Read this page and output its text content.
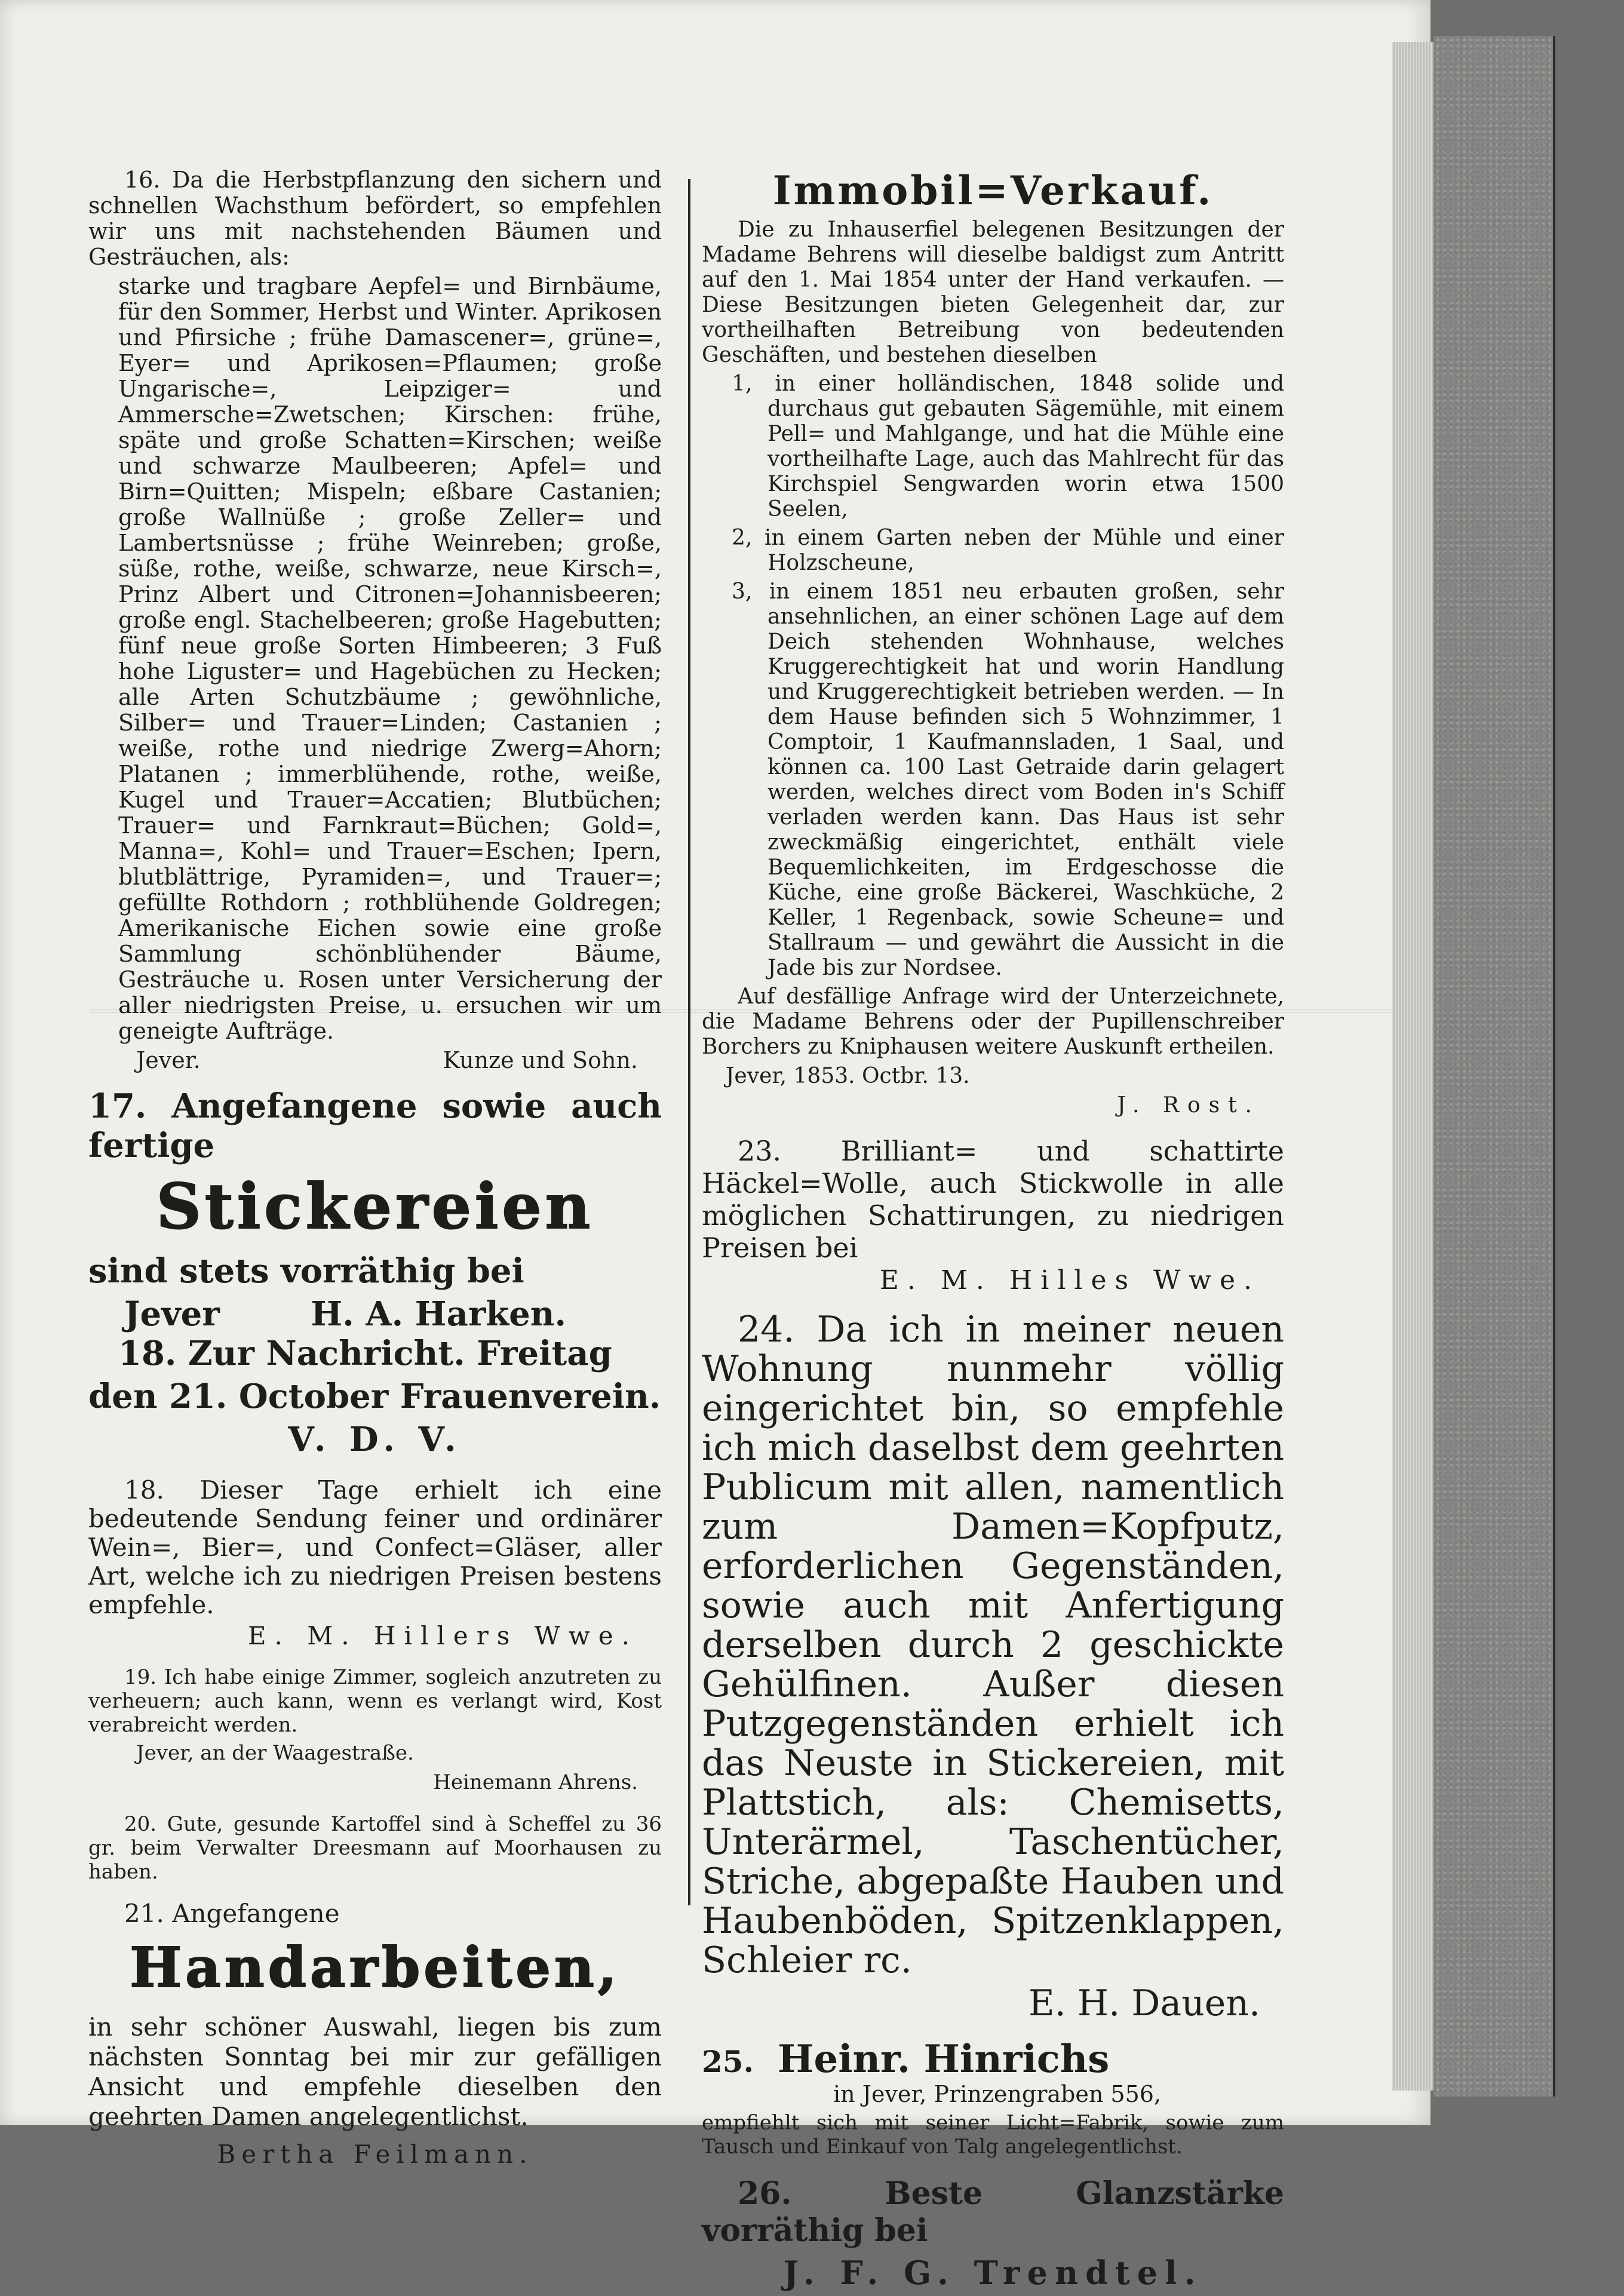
16. Da die Herbstpflanzung den sichern und schnellen Wachsthum befördert, so empfehlen wir uns mit nachstehenden Bäumen und Gesträuchen, als:

starke und tragbare Aepfel= und Birnbäume, für den Sommer, Herbst und Winter. Aprikosen und Pfirsiche ; frühe Damascener=, grüne=, Eyer= und Aprikosen=Pflaumen; große Ungarische=, Leipziger= und Ammersche=Zwetschen; Kirschen: frühe, späte und große Schatten=Kirschen; weiße und schwarze Maulbeeren; Apfel= und Birn=Quitten; Mispeln; eßbare Castanien; große Wallnüße ; große Zeller= und Lambertsnüsse ; frühe Weinreben; große, süße, rothe, weiße, schwarze, neue Kirsch=, Prinz Albert und Citronen=Johannisbeeren; große engl. Stachelbeeren; große Hagebutten; fünf neue große Sorten Himbeeren; 3 Fuß hohe Liguster= und Hagebüchen zu Hecken; alle Arten Schutzbäume ; gewöhnliche, Silber= und Trauer=Linden; Castanien ; weiße, rothe und niedrige Zwerg=Ahorn; Platanen ; immerblühende, rothe, weiße, Kugel und Trauer=Accatien; Blutbüchen; Trauer= und Farnkraut=Büchen; Gold=, Manna=, Kohl= und Trauer=Eschen; Ipern, blutblättrige, Pyramiden=, und Trauer=; gefüllte Rothdorn ; rothblühende Goldregen; Amerikanische Eichen sowie eine große Sammlung schönblühender Bäume, Gesträuche u. Rosen unter Versicherung der aller niedrigsten Preise, u. ersuchen wir um geneigte Aufträge.

Jever.	Kunze und Sohn.

17. Angefangene sowie auch fertige

Stickereien

sind stets vorräthig bei

Jever	H. A. Harken.

18. Zur Nachricht. Freitag

den 21. October Frauenverein.

V. D. V.

18. Dieser Tage erhielt ich eine bedeutende Sendung feiner und ordinärer Wein=, Bier=, und Confect=Gläser, aller Art, welche ich zu niedrigen Preisen bestens empfehle.

E. M. Hillers Wwe.

19. Ich habe einige Zimmer, sogleich anzutreten zu verheuern; auch kann, wenn es verlangt wird, Kost verabreicht werden.

Jever, an der Waagestraße.

Heinemann Ahrens.

20. Gute, gesunde Kartoffel sind à Scheffel zu 36 gr. beim Verwalter Dreesmann auf Moorhausen zu haben.

21. Angefangene

Handarbeiten,

in sehr schöner Auswahl, liegen bis zum nächsten Sonntag bei mir zur gefälligen Ansicht und empfehle dieselben den geehrten Damen angelegentlichst.

Bertha Feilmann.

Immobil=Verkauf.

Die zu Inhauserfiel belegenen Besitzungen der Madame Behrens will dieselbe baldigst zum Antritt auf den 1. Mai 1854 unter der Hand verkaufen. — Diese Besitzungen bieten Gelegenheit dar, zur vortheilhaften Betreibung von bedeutenden Geschäften, und bestehen dieselben

1, in einer holländischen, 1848 solide und durchaus gut gebauten Sägemühle, mit einem Pell= und Mahlgange, und hat die Mühle eine vortheilhafte Lage, auch das Mahlrecht für das Kirchspiel Sengwarden worin etwa 1500 Seelen,

2, in einem Garten neben der Mühle und einer Holzscheune,

3, in einem 1851 neu erbauten großen, sehr ansehnlichen, an einer schönen Lage auf dem Deich stehenden Wohnhause, welches Kruggerechtigkeit hat und worin Handlung und Kruggerechtigkeit betrieben werden. — In dem Hause befinden sich 5 Wohnzimmer, 1 Comptoir, 1 Kaufmannsladen, 1 Saal, und können ca. 100 Last Getraide darin gelagert werden, welches direct vom Boden in's Schiff verladen werden kann. Das Haus ist sehr zweckmäßig eingerichtet, enthält viele Bequemlichkeiten, im Erdgeschosse die Küche, eine große Bäckerei, Waschküche, 2 Keller, 1 Regenback, sowie Scheune= und Stallraum — und gewährt die Aussicht in die Jade bis zur Nordsee.

Auf desfällige Anfrage wird der Unterzeichnete, die Madame Behrens oder der Pupillenschreiber Borchers zu Kniphausen weitere Auskunft ertheilen.

Jever, 1853. Octbr. 13.

J. Rost.

23. Brilliant= und schattirte Häckel=Wolle, auch Stickwolle in alle möglichen Schattirungen, zu niedrigen Preisen bei

E. M. Hilles Wwe.

24. Da ich in meiner neuen Wohnung nunmehr völlig eingerichtet bin, so empfehle ich mich daselbst dem geehrten Publicum mit allen, namentlich zum Damen=Kopfputz, erforderlichen Gegenständen, sowie auch mit Anfertigung derselben durch 2 geschickte Gehülfinen. Außer diesen Putzgegenständen erhielt ich das Neuste in Stickereien, mit Plattstich, als: Chemisetts, Unterärmel, Taschentücher, Striche, abgepaßte Hauben und Haubenböden, Spitzenklappen, Schleier rc.

E. H. Dauen.

25. Heinr. Hinrichs

in Jever, Prinzengraben 556,

empfiehlt sich mit seiner Licht=Fabrik, sowie zum Tausch und Einkauf von Talg angelegentlichst.

26. Beste Glanzstärke vorräthig bei

J. F. G. Trendtel.
